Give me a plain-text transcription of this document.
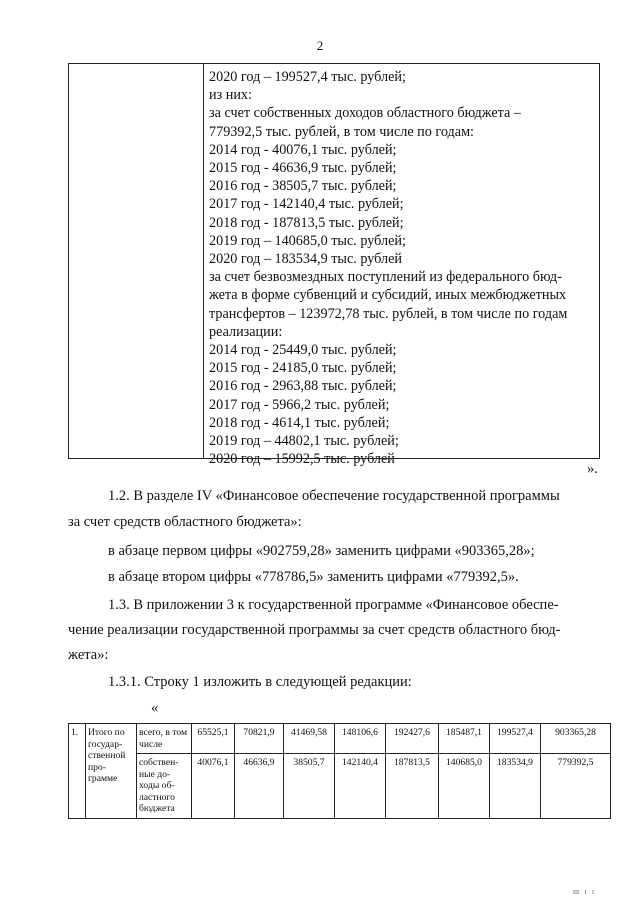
2
2020 год – 199527,4 тыс. рублей;
из них:
за счет собственных доходов областного бюджета –
779392,5 тыс. рублей, в том числе по годам:
2014 год - 40076,1 тыс. рублей;
2015 год - 46636,9 тыс. рублей;
2016 год - 38505,7 тыс. рублей;
2017 год - 142140,4 тыс. рублей;
2018 год - 187813,5 тыс. рублей;
2019 год – 140685,0 тыс. рублей;
2020 год – 183534,9 тыс. рублей
за счет безвозмездных поступлений из федерального бюд-
жета в форме субвенций и субсидий, иных межбюджетных
трансфертов – 123972,78 тыс. рублей, в том числе по годам
реализации:
2014 год - 25449,0 тыс. рублей;
2015 год - 24185,0 тыс. рублей;
2016 год - 2963,88 тыс. рублей;
2017 год - 5966,2 тыс. рублей;
2018 год - 4614,1 тыс. рублей;
2019 год – 44802,1 тыс. рублей;
2020 год – 15992,5 тыс. рублей
».
1.2. В разделе IV «Финансовое обеспечение государственной программы
за счет средств областного бюджета»:
в абзаце первом цифры «902759,28» заменить цифрами «903365,28»;
в абзаце втором цифры «778786,5» заменить цифрами «779392,5».
1.3. В приложении 3 к государственной программе «Финансовое обеспе-
чение реализации государственной программы за счет средств областного бюд-
жета»:
1.3.1. Строку 1 изложить в следующей редакции:
«
1.	Итого по государ-ственной про-грамме	всего, в том числе	65525,1	70821,9	41469,58	148106,6	192427,6	185487,1	199527,4	903365,28
		собствен-ные до-ходы об-ластного бюджета	40076,1	46636,9	38505,7	142140,4	187813,5	140685,0	183534,9	779392,5
Ш I I
